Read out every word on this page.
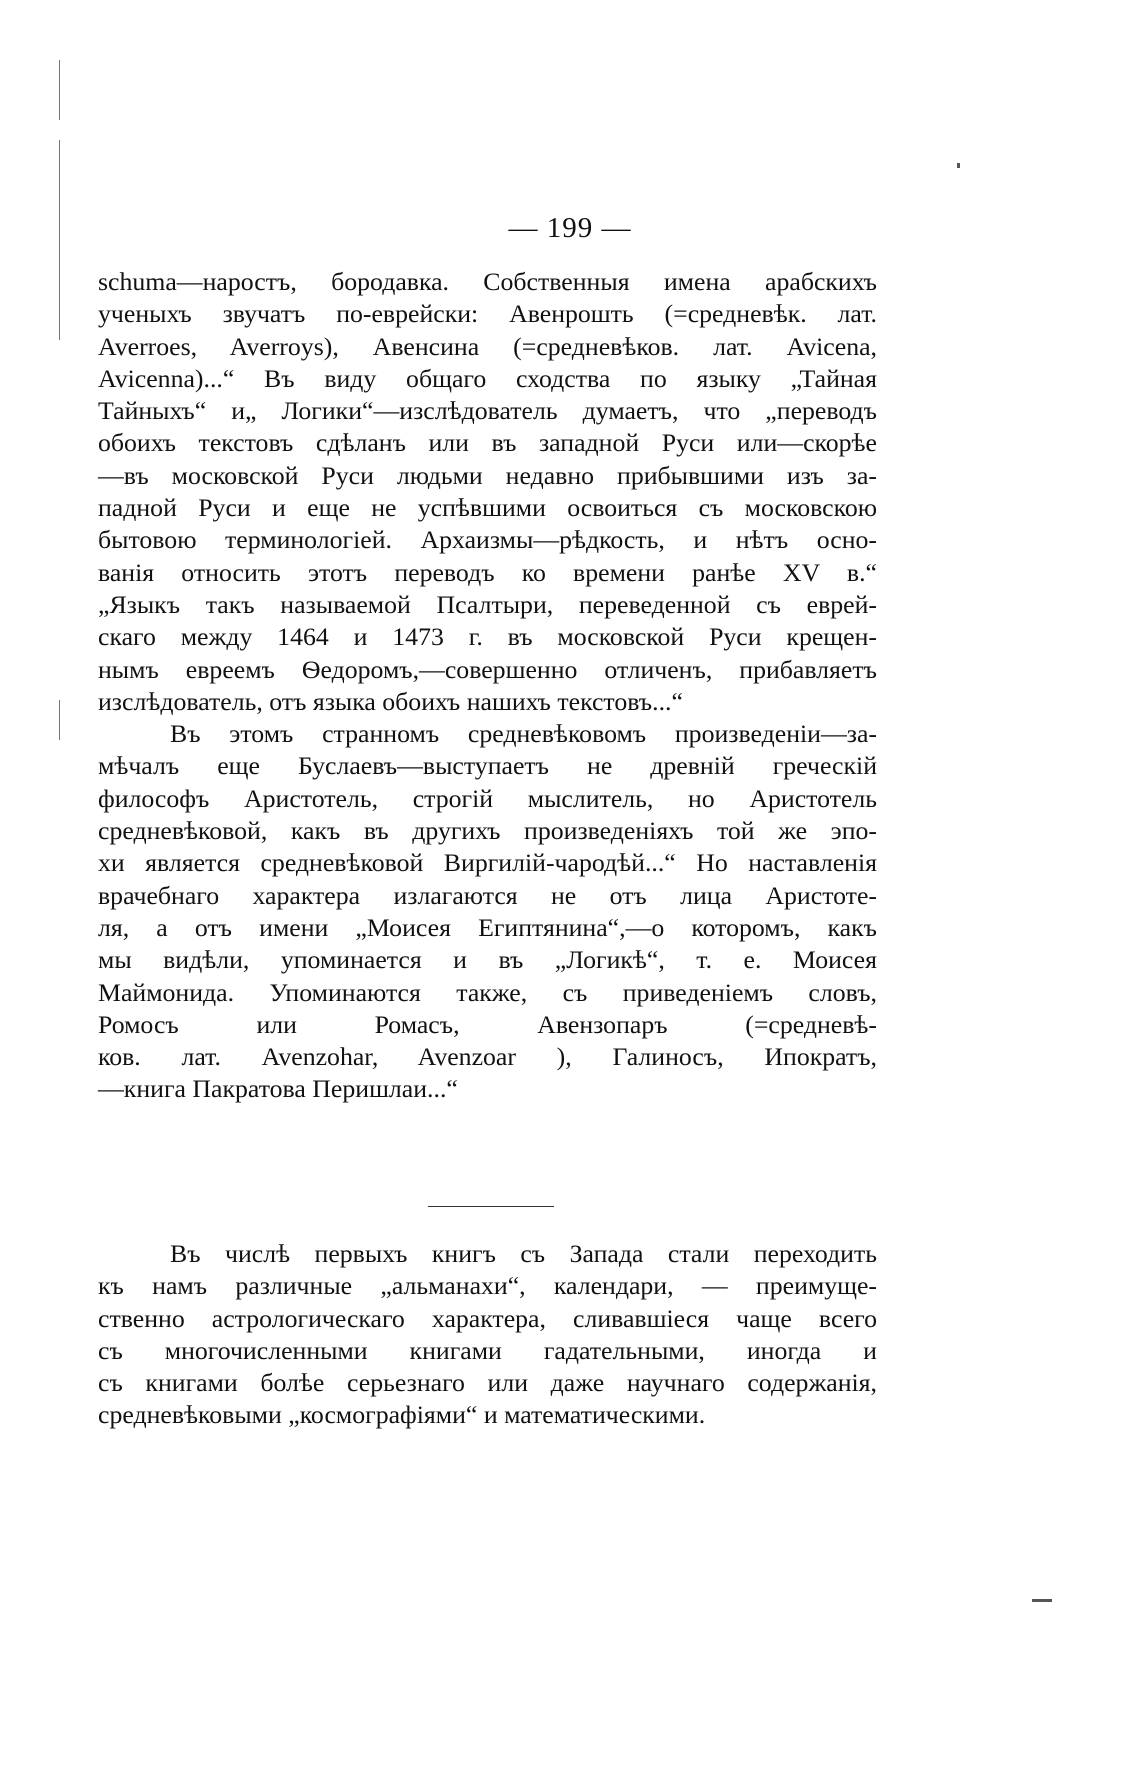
— 199 —
schuma—наростъ, бородавка. Собственныя имена арабскихъ
ученыхъ звучатъ по-еврейски: Авенрошть (=средневѣк. лат.
Averroes, Averroys), Авенсина (=средневѣков. лат. Avicena,
Avicenna)...“ Въ виду общаго сходства по языку „Тайная
Тайныхъ“ и„ Логики“—изслѣдователь думаетъ, что „переводъ
обоихъ текстовъ сдѣланъ или въ западной Руси или—скорѣе
—въ московской Руси людьми недавно прибывшими изъ за-
падной Руси и еще не успѣвшими освоиться съ московскою
бытовою терминологіей. Архаизмы—рѣдкость, и нѣтъ осно-
ванія относить этотъ переводъ ко времени ранѣе XV в.“
„Языкъ такъ называемой Псалтыри, переведенной съ еврей-
скаго между 1464 и 1473 г. въ московской Руси крещен-
нымъ евреемъ Ѳедоромъ,—совершенно отличенъ, прибавляетъ
изслѣдователь, отъ языка обоихъ нашихъ текстовъ...“
Въ этомъ странномъ средневѣковомъ произведеніи—за-
мѣчалъ еще Буслаевъ—выступаетъ не древній греческій
философъ Аристотель, строгій мыслитель, но Аристотель
средневѣковой, какъ въ другихъ произведеніяхъ той же эпо-
хи является средневѣковой Виргилій-чародѣй...“ Но наставленія
врачебнаго характера излагаются не отъ лица Аристоте-
ля, а отъ имени „Моисея Египтянина“,—о которомъ, какъ
мы видѣли, упоминается и въ „Логикѣ“, т. е. Моисея
Маймонида. Упоминаются также, съ приведеніемъ словъ,
Ромосъ или Ромасъ, Авензопаръ (=средневѣ-
ков. лат. Avenzohar, Avenzoar ), Галиносъ, Ипократъ,
—книга Пакратова Перишлаи...“
Въ числѣ первыхъ книгъ съ Запада стали переходить
къ намъ различные „альманахи“, календари, — преимуще-
ственно астрологическаго характера, сливавшіеся чаще всего
съ многочисленными книгами гадательными, иногда и
съ книгами болѣе серьезнаго или даже научнаго содержанія,
средневѣковыми „космографіями“ и математическими.
